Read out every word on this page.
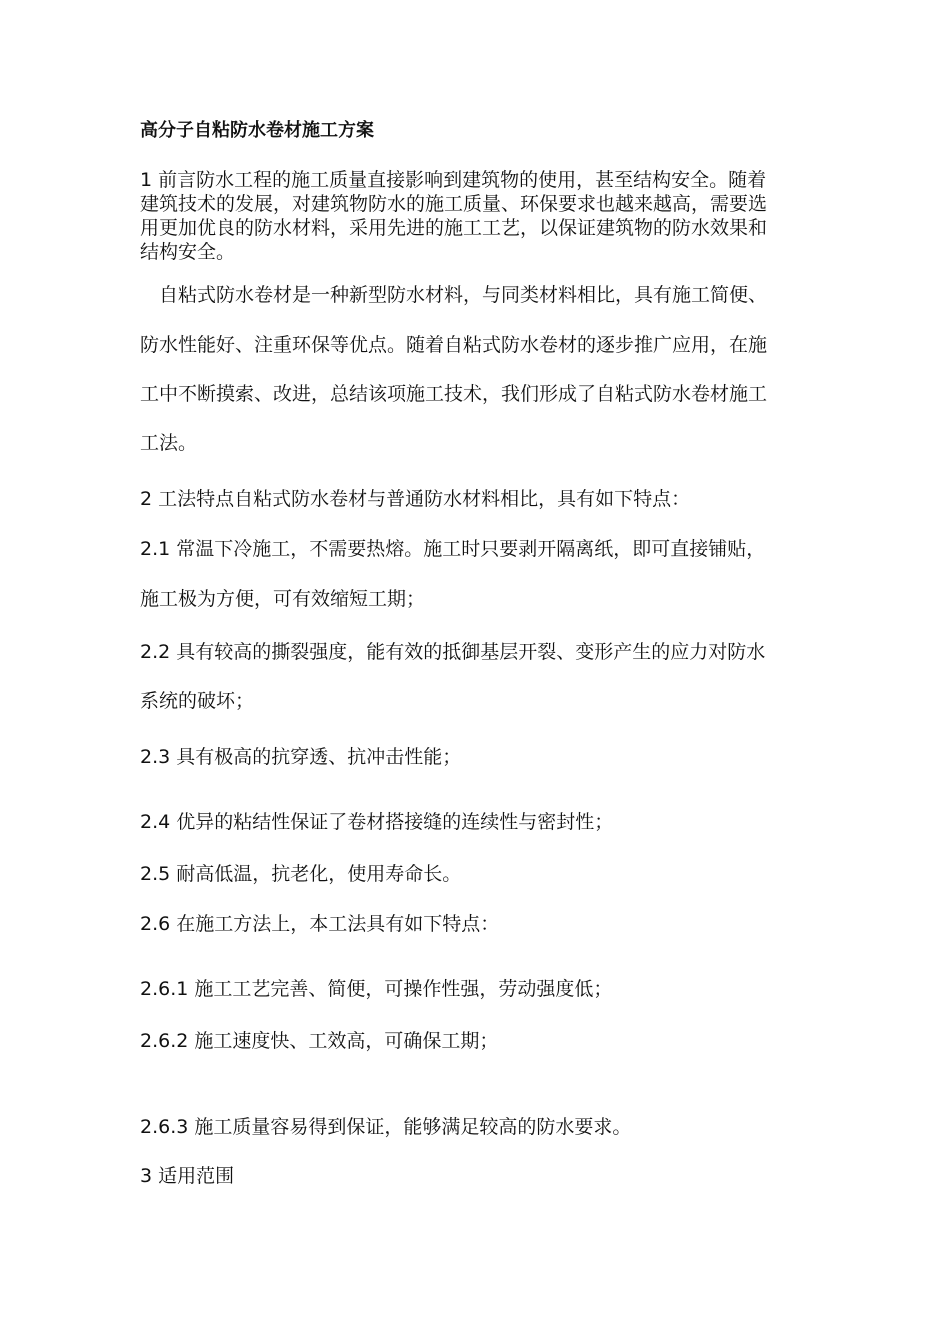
高分子自粘防水卷材施工方案
1 前言防水工程的施工质量直接影响到建筑物的使用，甚至结构安全。随着
建筑技术的发展，对建筑物防水的施工质量、环保要求也越来越高，需要选
用更加优良的防水材料，采用先进的施工工艺，以保证建筑物的防水效果和
结构安全。
　自粘式防水卷材是一种新型防水材料，与同类材料相比，具有施工简便、
防水性能好、注重环保等优点。随着自粘式防水卷材的逐步推广应用，在施
工中不断摸索、改进，总结该项施工技术，我们形成了自粘式防水卷材施工
工法。
2 工法特点自粘式防水卷材与普通防水材料相比，具有如下特点：
2.1 常温下冷施工，不需要热熔。施工时只要剥开隔离纸，即可直接铺贴，
施工极为方便，可有效缩短工期；
2.2 具有较高的撕裂强度，能有效的抵御基层开裂、变形产生的应力对防水
系统的破坏；
2.3 具有极高的抗穿透、抗冲击性能；
2.4 优异的粘结性保证了卷材搭接缝的连续性与密封性；
2.5 耐高低温，抗老化，使用寿命长。
2.6 在施工方法上，本工法具有如下特点：
2.6.1 施工工艺完善、简便，可操作性强，劳动强度低；
2.6.2 施工速度快、工效高，可确保工期；
2.6.3 施工质量容易得到保证，能够满足较高的防水要求。
3 适用范围
